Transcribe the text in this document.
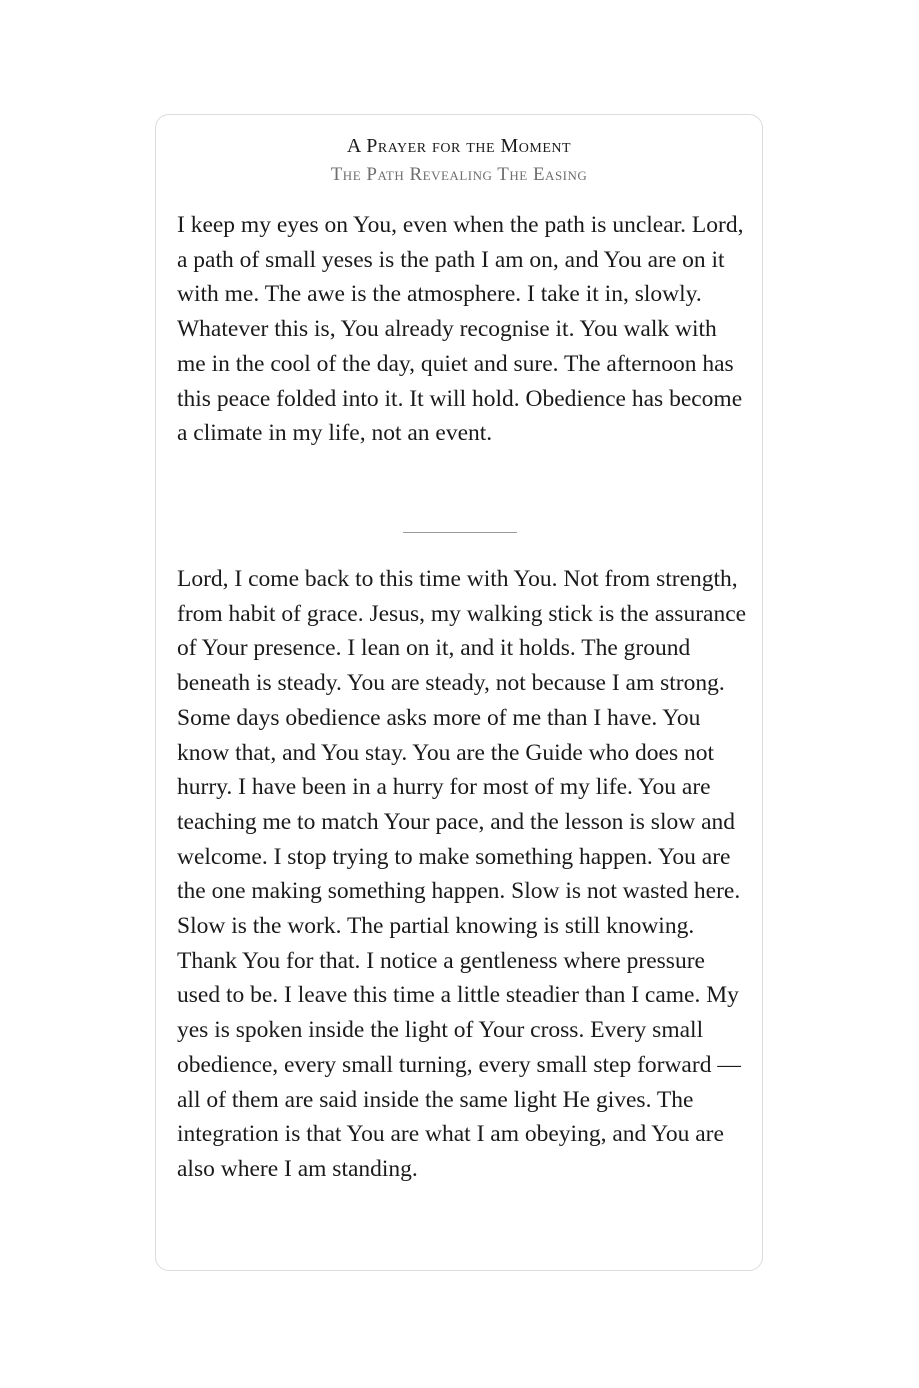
A Prayer for the Moment
The Path Revealing The Easing

I keep my eyes on You, even when the path is unclear. Lord, a path of small yeses is the path I am on, and You are on it with me. The awe is the atmosphere. I take it in, slowly. Whatever this is, You already recognise it. You walk with me in the cool of the day, quiet and sure. The afternoon has this peace folded into it. It will hold. Obedience has become a climate in my life, not an event.

Lord, I come back to this time with You. Not from strength, from habit of grace. Jesus, my walking stick is the assurance of Your presence. I lean on it, and it holds. The ground beneath is steady. You are steady, not because I am strong. Some days obedience asks more of me than I have. You know that, and You stay. You are the Guide who does not hurry. I have been in a hurry for most of my life. You are teaching me to match Your pace, and the lesson is slow and welcome. I stop trying to make something happen. You are the one making something happen. Slow is not wasted here. Slow is the work. The partial knowing is still knowing. Thank You for that. I notice a gentleness where pressure used to be. I leave this time a little steadier than I came. My yes is spoken inside the light of Your cross. Every small obedience, every small turning, every small step forward — all of them are said inside the same light He gives. The integration is that You are what I am obeying, and You are also where I am standing.
